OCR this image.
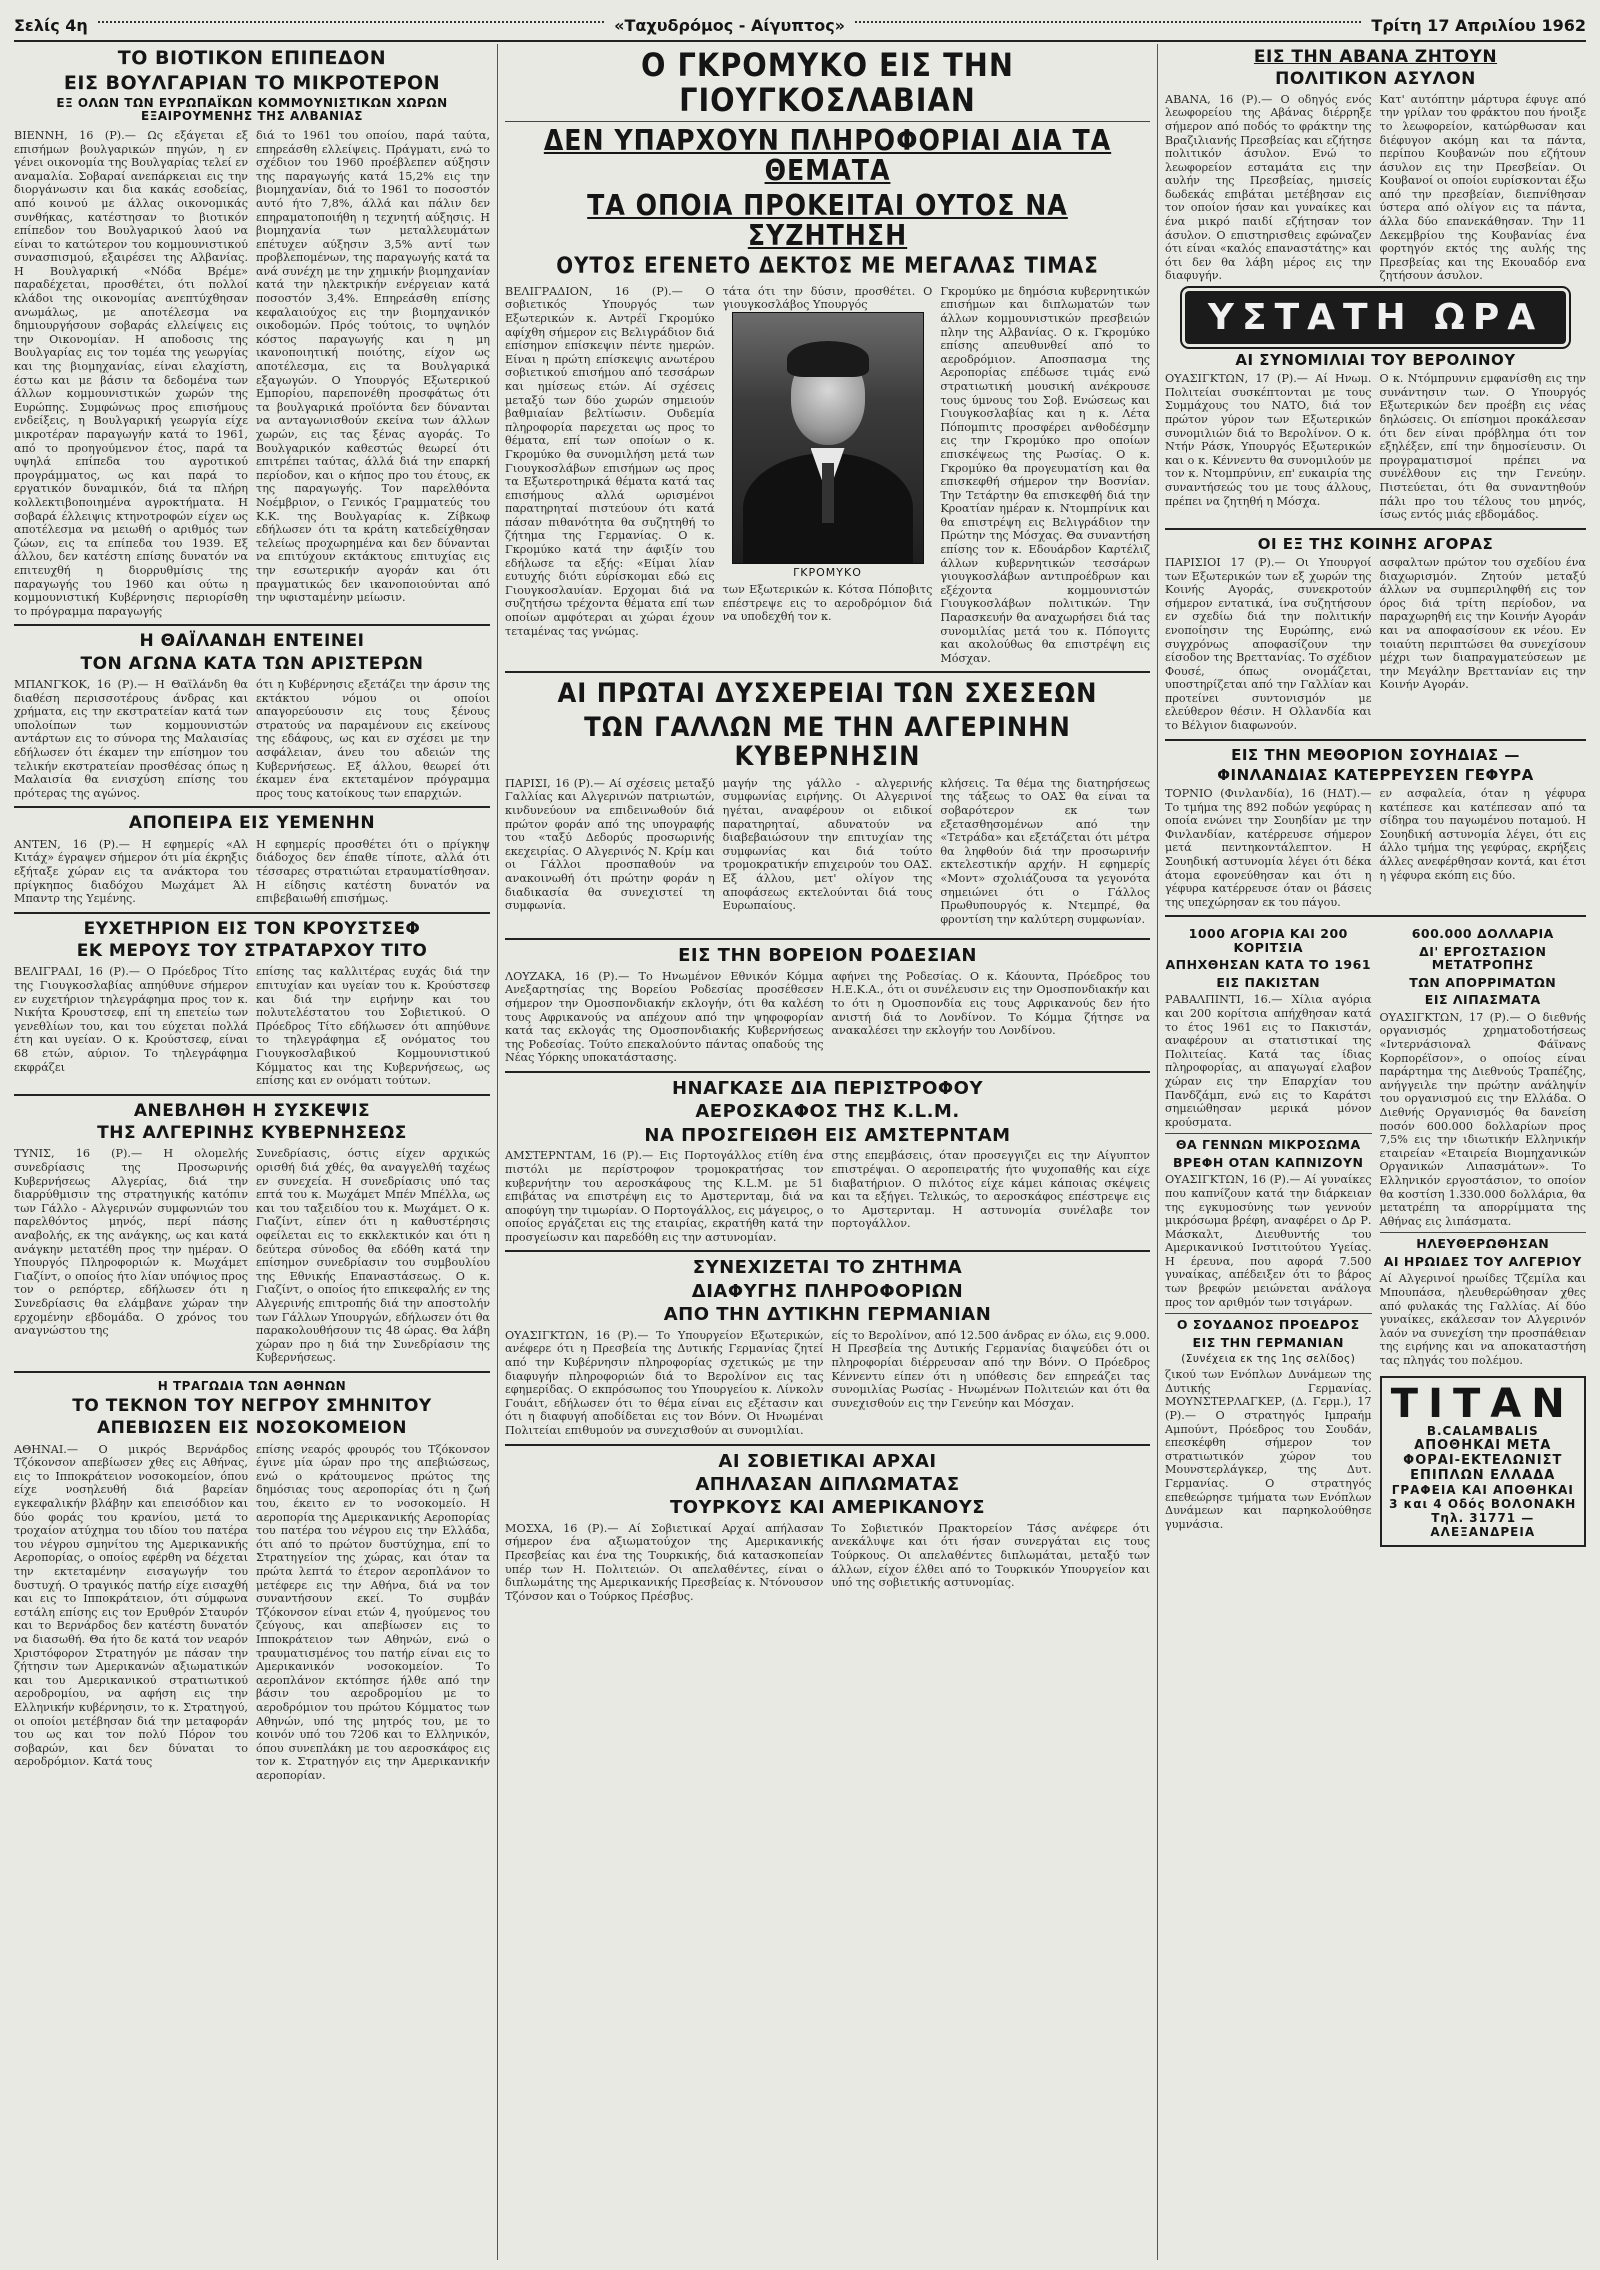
Σελίς 4η	«Ταχυδρόμος - Αίγυπτος»	Τρίτη 17 Απριλίου 1962
ΤΟ ΒΙΟΤΙΚΟΝ ΕΠΙΠΕΔΟΝ
ΕΙΣ ΒΟΥΛΓΑΡΙΑΝ ΤΟ ΜΙΚΡΟΤΕΡΟΝ
ΕΞ ΟΛΩΝ ΤΩΝ ΕΥΡΩΠΑΪΚΩΝ ΚΟΜΜΟΥΝΙΣΤΙΚΩΝ ΧΩΡΩΝ ΕΞΑΙΡΟΥΜΕΝΗΣ ΤΗΣ ΑΛΒΑΝΙΑΣ

ΒΙΕΝΝΗ, 16 (Ρ).— Ως εξάγεται εξ επισήμων βουλγαρικών πηγών, η εν γένει οικονομία της Βουλγαρίας τελεί εν αναμαλία. Σοβαραί ανεπάρκειαι εις την διοργάνωσιν και δια κακάς εσοδείας, από κοινού με άλλας οικονομικάς συνθήκας, κατέστησαν το βιοτικόν επίπεδον του Βουλγαρικού λαού να είναι το κατώτερον του κομμουνιστικού συνασπισμού, εξαιρέσει της Αλβανίας. Η Βουλγαρική «Νόδα Βρέμε» παραδέχεται, προσθέτει, ότι πολλοί κλάδοι της οικονομίας ανεπτύχθησαν ανωμάλως, με αποτέλεσμα να δημιουργήσουν σοβαράς ελλείψεις εις την Οικονομίαν. Η αποδοσις της Βουλγαρίας εις τον τομέα της γεωργίας και της βιομηχανίας, είναι ελαχίστη, έστω και με βάσιν τα δεδομένα των άλλων κομμουνιστικών χωρών της Ευρώπης. Συμφώνως προς επισήμους ενδείξεις, η Βουλγαρική γεωργία είχε μικροτέραν παραγωγήν κατά το 1961, από το προηγούμενον έτος, παρά τα υψηλά επίπεδα του αγροτικού προγράμματος, ως και παρά το εργατικόν δυναμικόν, διά τα πλήρη κολλεκτιβοποιημένα αγροκτήματα. Η σοβαρά έλλειψις κτηνοτροφών είχεν ως αποτέλεσμα να μειωθή ο αριθμός των ζώων, εις τα επίπεδα του 1939. Εξ άλλου, δεν κατέστη επίσης δυνατόν να επιτευχθή η διορρυθμίσις της παραγωγής του 1960 και ούτω η κομμουνιστική Κυβέρνησις περιορίσθη το πρόγραμμα παραγωγής

διά το 1961 του οποίου, παρά ταύτα, επηρεάσθη ελλείψεις. Πράγματι, ενώ το σχέδιον του 1960 προέβλεπεν αύξησιν της παραγωγής κατά 15,2% εις την βιομηχανίαν, διά το 1961 το ποσοστόν αυτό ήτο 7,8%, άλλά και πάλιν δεν επηραματοποιήθη η τεχνητή αύξησις. Η βιομηχανία των μεταλλευμάτων επέτυχεν αύξησιν 3,5% αντί των προβλεπομένων, της παραγωγής κατά τα ανά συνέχη με την χημικήν βιομηχανίαν κατά την ηλεκτρικήν ενέργειαν κατά ποσοστόν 3,4%. Επηρεάσθη επίσης κεφαλαιούχος εις την βιομηχανικόν οικοδομών. Πρός τούτοις, το υψηλόν κόστος παραγωγής και η μη ικανοποιητική ποιότης, είχον ως αποτέλεσμα, εις τα Βουλγαρικά εξαγωγών. Ο Υπουργός Εξωτερικού Εμπορίου, παρεπονέθη προσφάτως ότι τα βουλγαρικά προϊόντα δεν δύνανται να ανταγωνισθούν εκείνα των άλλων χωρών, εις τας ξένας αγοράς. Το Βουλγαρικόν καθεστώς θεωρεί ότι επιτρέπει ταύτας, άλλά διά την επαρκή περίοδον, και ο κήπος προ του έτους, εκ της παραγωγής. Τον παρελθόντα Νοέμβριον, ο Γενικός Γραμματεύς του Κ.Κ. της Βουλγαρίας κ. Ζίβκωφ εδήλωσεν ότι τα κράτη κατεδείχθησαν τελείως προχωρημένα και δεν δύνανται να επιτύχουν εκτάκτους επιτυχίας εις την εσωτερικήν αγοράν και ότι πραγματικώς δεν ικανοποιούνται από την υφισταμένην μείωσιν.

Η ΘΑΪΛΑΝΔΗ ΕΝΤΕΙΝΕΙ
ΤΟΝ ΑΓΩΝΑ ΚΑΤΑ ΤΩΝ ΑΡΙΣΤΕΡΩΝ

ΜΠΑΝΓΚΟΚ, 16 (Ρ).— Η Θαϊλάνδη θα διαθέση περισσοτέρους άνδρας και χρήματα, εις την εκστρατείαν κατά των υπολοίπων των κομμουνιστών αντάρτων εις το σύνορα της Μαλαισίας εδήλωσεν ότι έκαμεν την επίσημον του τελικήν εκστρατείαν προσθέσας όπως η Μαλαισία θα ενισχύση επίσης του πρότερας της αγώνος.

ότι η Κυβέρνησις εξετάζει την άρσιν της εκτάκτου νόμου οι οποίοι απαγορεύουσιν εις τους ξένους στρατούς να παραμένουν εις εκείνους της εδάφους, ως και εν σχέσει με την ασφάλειαν, άνευ του αδειών της Κυβερνήσεως. Εξ άλλου, θεωρεί ότι έκαμεν ένα εκτεταμένον πρόγραμμα προς τους κατοίκους των επαρχιών.

ΑΠΟΠΕΙΡΑ ΕΙΣ ΥΕΜΕΝΗΝ

ΑΝΤΕΝ, 16 (Ρ).— Η εφημερίς «Αλ Κιτάχ» έγραψεν σήμερον ότι μία έκρηξις εξήταξε χώραν εις τα ανάκτορα του πρίγκηπος διαδόχου Μωχάμετ Άλ Μπαντρ της Υεμένης.

Η εφημερίς προσθέτει ότι ο πρίγκηψ διάδοχος δεν έπαθε τίποτε, αλλά ότι τέσσαρες στρατιώται ετραυματίσθησαν. Η είδησις κατέστη δυνατόν να επιβεβαιωθή επισήμως.

ΕΥΧΕΤΗΡΙΟΝ ΕΙΣ ΤΟΝ ΚΡΟΥΣΤΣΕΦ
ΕΚ ΜΕΡΟΥΣ ΤΟΥ ΣΤΡΑΤΑΡΧΟΥ ΤΙΤΟ

ΒΕΛΙΓΡΑΔΙ, 16 (Ρ).— Ο Πρόεδρος Τίτο της Γιουγκοσλαβίας απηύθυνε σήμερον εν ευχετήριον τηλεγράφημα προς τον κ. Νικήτα Κρουστσεφ, επί τη επετείω των γενεθλίων του, και του εύχεται πολλά έτη και υγείαν. Ο κ. Κρούστσεφ, είναι 68 ετών, αύριον. Το τηλεγράφημα εκφράζει

επίσης τας καλλιτέρας ευχάς διά την επιτυχίαν και υγείαν του κ. Κρούστσεφ και διά την ειρήνην και του πολυτελέστατου του Σοβιετικού. Ο Πρόεδρος Τίτο εδήλωσεν ότι απηύθυνε το τηλεγράφημα εξ ονόματος του Γιουγκοσλαβικού Κομμουνιστικού Κόμματος και της Κυβερνήσεως, ως επίσης και εν ονόματι τούτων.

ΑΝΕΒΛΗΘΗ Η ΣΥΣΚΕΨΙΣ
ΤΗΣ ΑΛΓΕΡΙΝΗΣ ΚΥΒΕΡΝΗΣΕΩΣ

ΤΥΝΙΣ, 16 (Ρ).— Η ολομελής συνεδρίασις της Προσωρινής Κυβερνήσεως Αλγερίας, διά την διαρρύθμισιν της στρατηγικής κατόπιν των Γάλλο - Αλγερινών συμφωνιών του παρελθόντος μηνός, περί πάσης αναβολής, εκ της ανάγκης, ως και κατά ανάγκην μετατέθη προς την ημέραν. Ο Υπουργός Πληροφοριών κ. Μωχάμετ Γιαζίντ, ο οποίος ήτο λίαν υπόψιος προς τον ο ρεπόρτερ, εδήλωσεν ότι η Συνεδρίασις θα ελάμβανε χώραν την ερχομένην εβδομάδα. Ο χρόνος του αναγνώστου της

Συνεδρίασις, όστις είχεν αρχικώς ορισθή διά χθές, θα αναγγελθή ταχέως εν συνεχεία. Η συνεδρίασις υπό τας επτά του κ. Μωχάμετ Μπέν Μπέλλα, ως και του ταξειδίου του κ. Μωχάμετ. Ο κ. Γιαζίντ, είπεν ότι η καθυστέρησις οφείλεται εις το εκκλεκτικόν και ότι η δεύτερα σύνοδος θα εδόθη κατά την επίσημον συνεδρίασιν του συμβουλίου της Εθνικής Επαναστάσεως. Ο κ. Γιαζίντ, ο οποίος ήτο επικεφαλής εν της Αλγερινής επιτροπής διά την αποστολήν των Γάλλων Υπουργών, εδήλωσεν ότι θα παρακολουθήσουν τις 48 ώρας. Θα λάβη χώραν προ η διά την Συνεδρίασιν της Κυβερνήσεως.

Η ΤΡΑΓΩΔΙΑ ΤΩΝ ΑΘΗΝΩΝ
ΤΟ ΤΕΚΝΟΝ ΤΟΥ ΝΕΓΡΟΥ ΣΜΗΝΙΤΟΥ
ΑΠΕΒΙΩΣΕΝ ΕΙΣ ΝΟΣΟΚΟΜΕΙΟΝ

ΑΘΗΝΑΙ.— Ο μικρός Βερνάρδος Τζόκονσον απεβίωσεν χθες εις Αθήνας, εις το Ιπποκράτειον νοσοκομείον, όπου είχε νοσηλευθή διά βαρείαν εγκεφαλικήν βλάβην και επεισόδιον και δύο φοράς του κρανίου, μετά το τροχαίον ατύχημα του ιδίου του πατέρα του νέγρου σμηνίτου της Αμερικανικής Αεροπορίας, ο οποίος εφέρθη να δέχεται την εκτεταμένην εισαγωγήν του δυστυχή. Ο τραγικός πατήρ είχε εισαχθή και εις το Ιπποκράτειον, ότι σύμφωνα εστάλη επίσης εις τον Ερυθρόν Σταυρόν και το Βερνάρδος δεν κατέστη δυνατόν να διασωθή. Θα ήτο δε κατά τον νεαρόν Χριστόφορον Στρατηγόν με πάσαν την ζήτησιν των Αμερικανών αξιωματικών και του Αμερικανικού στρατιωτικού αεροδρομίου, να αφήση εις την Ελληνικήν κυβέρνησιν, το κ. Στρατηγού, οι οποίοι μετέβησαν διά την μεταφοράν του ως και τον πολύ Πόρον του σοβαρών, και δεν δύναται το αεροδρόμιον. Κατά τους

επίσης νεαρός φρουρός του Τζόκονσον έγινε μία ώραν προ της απεβιώσεως, ενώ ο κράτουμενος πρώτος της δημόσιας τους αεροπορίας ότι η ζωή του, έκειτο εν το νοσοκομείο. Η αεροπορία της Αμερικανικής Αεροπορίας του πατέρα του νέγρου εις την Ελλάδα, ότι από το πρώτον δυστύχημα, επί το Στρατηγείον της χώρας, και όταν τα πρώτα λεπτά το έτερον αεροπλάνον το μετέφερε εις την Αθήνα, διά να τον συναντήσουν εκεί. Το συμβάν Τζόκονσον είναι ετών 4, ηγούμενος του ζεύγους, και απεβίωσεν εις το Ιπποκράτειον των Αθηνών, ενώ ο τραυματισμένος του πατήρ είναι εις το Αμερικανικόν νοσοκομείον. Το αεροπλάνον εκτόπησε ήλθε από την βάσιν του αεροδρομίου με το αεροδρόμιον του πρώτου Κόμματος των Αθηνών, υπό της μητρός του, με το κοινόν υπό του 7206 και το Ελληνικόν, όπου συνεπλάκη με του αεροσκάφος εις τον κ. Στρατηγόν εις την Αμερικανικήν αεροπορίαν.

Ο ΓΚΡΟΜΥΚΟ ΕΙΣ ΤΗΝ ΓΙΟΥΓΚΟΣΛΑΒΙΑΝ
ΔΕΝ ΥΠΑΡΧΟΥΝ ΠΛΗΡΟΦΟΡΙΑΙ ΔΙΑ ΤΑ ΘΕΜΑΤΑ
ΤΑ ΟΠΟΙΑ ΠΡΟΚΕΙΤΑΙ ΟΥΤΟΣ ΝΑ ΣΥΖΗΤΗΣΗ
ΟΥΤΟΣ ΕΓΕΝΕΤΟ ΔΕΚΤΟΣ ΜΕ ΜΕΓΑΛΑΣ ΤΙΜΑΣ

ΒΕΛΙΓΡΑΔΙΟΝ, 16 (Ρ).— Ο σοβιετικός Υπουργός των Εξωτερικών κ. Αντρέϊ Γκρομύκο αφίχθη σήμερον εις Βελιγράδιον διά επίσημον επίσκεψιν πέντε ημερών. Είναι η πρώτη επίσκεψις ανωτέρου σοβιετικού επισήμου από τεσσάρων και ημίσεως ετών. Αί σχέσεις μεταξύ των δύο χωρών σημειούν βαθμιαίαν βελτίωσιν. Ουδεμία πληροφορία παρεχεται ως προς το θέματα, επί των οποίων ο κ. Γκρομύκο θα συνομιλήση μετά των Γιουγκοσλάβων επισήμων ως προς τα Εξωτεροτηρικά θέματα κατά τας επισήμους αλλά ωρισμένοι παρατηρηταί πιστεύουν ότι κατά πάσαν πιθανότητα θα συζητηθή το ζήτημα της Γερμανίας. Ο κ. Γκρομύκο κατά την άφιξίν του εδήλωσε τα εξής: «Είμαι λίαν ευτυχής διότι εύρίσκομαι εδώ εις Γιουγκοσλαυίαν. Ερχομαι διά να συζητήσω τρέχοντα θέματα επί των οποίων αμφότεραι αι χώραι έχουν τεταμένας τας γνώμας.

τάτα ότι την δύσιν, προσθέτει. Ο γιουγκοσλάβος Υπουργός

ΓΚΡΟΜΥΚΟ

των Εξωτερικών κ. Κότσα Πόποβιτς επέστρεψε εις το αεροδρόμιον διά να υποδεχθή τον κ.

Γκρομύκο με δημόσια κυβερνητικών επισήμων και διπλωματών των άλλων κομμουνιστικών πρεσβειών πλην της Αλβανίας. Ο κ. Γκρομύκο επίσης απευθυνθεί από το αεροδρόμιον. Αποσπασμα της Αεροπορίας επέδωσε τιμάς ενώ στρατιωτική μουσική ανέκρουσε τους ύμνους του Σοβ. Ενώσεως και Γιουγκοσλαβίας και η κ. Λέτα Πόπομπιτς προσφέρει ανθοδέσμην εις την Γκρομύκο προ οποίων επισκέψεως της Ρωσίας. Ο κ. Γκρομύκο θα προγευματίση και θα επισκεφθή σήμερον την Βοσνίαν. Την Τετάρτην θα επισκεφθή διά την Κροατίαν ημέραν κ. Ντομπρίνικ και θα επιστρέψη εις Βελιγράδιον την Πρώτην της Μόσχας. Θα συναντήση επίσης τον κ. Εδουάρδον Καρτέλιζ άλλων κυβερνητικών τεσσάρων γιουγκοσλάβων αντιπροέδρων και εξέχοντα κομμουνιστών Γιουγκοσλάβων πολιτικών. Την Παρασκευήν θα αναχωρήσει διά τας συνομιλίας μετά του κ. Πόπογιτς και ακολούθως θα επιστρέψη εις Μόσχαν.

ΑΙ ΠΡΩΤΑΙ ΔΥΣΧΕΡΕΙΑΙ ΤΩΝ ΣΧΕΣΕΩΝ
ΤΩΝ ΓΑΛΛΩΝ ΜΕ ΤΗΝ ΑΛΓΕΡΙΝΗΝ ΚΥΒΕΡΝΗΣΙΝ

ΠΑΡΙΣΙ, 16 (Ρ).— Αί σχέσεις μεταξύ Γαλλίας και Αλγερινών πατριωτών, κινδυνεύουν να επιδεινωθούν διά πρώτον φοράν από της υπογραφής του «ταξύ Δεδορύς προσωρινής εκεχειρίας. Ο Αλγερινός Ν. Κρίμ και οι Γάλλοι προσπαθούν να ανακοινωθή ότι πρώτην φοράν η διαδικασία θα συνεχιστεί τη συμφωνία.

μαγήν της γάλλο - αλγερινής συμφωνίας ειρήνης. Οι Αλγερινοί ηγέται, αναφέρουν οι ειδικοί παρατηρηταί, αδυνατούν να διαβεβαιώσουν την επιτυχίαν της συμφωνίας και διά τούτο τρομοκρατικήν επιχειρούν του ΟΑΣ. Εξ άλλου, μετ' ολίγον της αποφάσεως εκτελούνται διά τους Ευρωπαίους.

κλήσεις. Τα θέμα της διατηρήσεως της τάξεως το ΟΑΣ θα είναι τα σοβαρότερον εκ των εξετασθησομένων από την «Τετράδα» και εξετάζεται ότι μέτρα θα ληφθούν διά την προσωρινήν εκτελεστικήν αρχήν. Η εφημερίς «Μοντ» σχολιάζουσα τα γεγονότα σημειώνει ότι ο Γάλλος Πρωθυπουργός κ. Ντεμπρέ, θα φροντίση την καλύτερη συμφωνίαν.

ΕΙΣ ΤΗΝ ΒΟΡΕΙΟΝ ΡΟΔΕΣΙΑΝ

ΛΟΥΖΑΚΑ, 16 (Ρ).— Το Ηνωμένον Εθνικόν Κόμμα Ανεξαρτησίας της Βορείου Ροδεσίας προσέθεσεν σήμερον την Ομοσπονδιακήν εκλογήν, ότι θα καλέση τους Αφρικανούς να απέχουν από την ψηφοφορίαν κατά τας εκλογάς της Ομοσπονδιακής Κυβερνήσεως της Ροδεσίας. Τούτο επεκαλούντο πάντας οπαδούς της Νέας Υόρκης υποκατάστασης.

αφήνει της Ροδεσίας. Ο κ. Κάουντα, Πρόεδρος του Η.Ε.Κ.Α., ότι οι συνέλευσιν εις την Ομοσπονδιακήν και το ότι η Ομοσπονδία εις τους Αφρικανούς δεν ήτο ανιστή διά το Λονδίνον. Το Κόμμα ζήτησε να ανακαλέσει την εκλογήν του Λονδίνου.

ΗΝΑΓΚΑΣΕ ΔΙΑ ΠΕΡΙΣΤΡΟΦΟΥ
ΑΕΡΟΣΚΑΦΟΣ ΤΗΣ K.L.M.
ΝΑ ΠΡΟΣΓΕΙΩΘΗ ΕΙΣ ΑΜΣΤΕΡΝΤΑΜ

ΑΜΣΤΕΡΝΤΑΜ, 16 (Ρ).— Εις Πορτογάλλος ετίθη ένα πιστόλι με περίστροφον τρομοκρατήσας τον κυβερνήτην του αεροσκάφους της K.L.M. με 51 επιβάτας να επιστρέψη εις το Αμστερνταμ, διά να αποφύγη την τιμωρίαν. Ο Πορτογάλλος, εις μάγειρος, ο οποίος εργάζεται εις της εταιρίας, εκρατήθη κατά την προσγείωσιν και παρεδόθη εις την αστυνομίαν.

στης επεμβάσεις, όταν προσεγγιζει εις την Αίγυπτον επιστρέψαι. Ο αεροπειρατής ήτο ψυχοπαθής και είχε διαβατήριον. Ο πιλότος είχε κάμει κάποιας σκέψεις και τα εξήγει. Τελικώς, το αεροσκάφος επέστρεψε εις το Αμστερνταμ. Η αστυνομία συνέλαβε τον πορτογάλλον.

ΣΥΝΕΧΙΖΕΤΑΙ ΤΟ ΖΗΤΗΜΑ
ΔΙΑΦΥΓΗΣ ΠΛΗΡΟΦΟΡΙΩΝ
ΑΠΟ ΤΗΝ ΔΥΤΙΚΗΝ ΓΕΡΜΑΝΙΑΝ

ΟΥΑΣΙΓΚΤΩΝ, 16 (Ρ).— Το Υπουργείον Εξωτερικών, ανέφερε ότι η Πρεσβεία της Δυτικής Γερμανίας ζητεί από την Κυβέρνησιν πληροφορίας σχετικώς με την διαφυγήν πληροφοριών διά το Βερολίνον εις τας εφημερίδας. Ο εκπρόσωπος του Υπουργείου κ. Λίνκολν Γουάιτ, εδήλωσεν ότι το θέμα είναι εις εξέτασιν και ότι η διαφυγή αποδίδεται εις τον Βόνν. Οι Ηνωμέναι Πολιτείαι επιθυμούν να συνεχισθούν αι συνομιλίαι.

είς το Βερολίνον, από 12.500 άνδρας εν όλω, εις 9.000. Η Πρεσβεία της Δυτικής Γερμανίας διαψεύδει ότι οι πληροφορίαι διέρρευσαν από την Βόνν. Ο Πρόεδρος Κέννεντυ είπεν ότι η υπόθεσις δεν επηρεάζει τας συνομιλίας Ρωσίας - Ηνωμένων Πολιτειών και ότι θα συνεχισθούν εις την Γενεύην και Μόσχαν.

ΑΙ ΣΟΒΙΕΤΙΚΑΙ ΑΡΧΑΙ
ΑΠΗΛΑΣΑΝ ΔΙΠΛΩΜΑΤΑΣ
ΤΟΥΡΚΟΥΣ ΚΑΙ ΑΜΕΡΙΚΑΝΟΥΣ

ΜΟΣΧΑ, 16 (Ρ).— Αί Σοβιετικαί Αρχαί απήλασαν σήμερον ένα αξιωματούχον της Αμερικανικής Πρεσβείας και ένα της Τουρκικής, διά κατασκοπείαν υπέρ των Η. Πολιτειών. Οι απελαθέντες, είναι ο διπλωμάτης της Αμερικανικής Πρεσβείας κ. Ντόνουσον Τζόνσον και ο Τούρκος Πρέσβυς.

Το Σοβιετικόν Πρακτορείον Τάσς ανέφερε ότι ανεκάλυψε και ότι ήσαν συνεργάται εις τους Τούρκους. Οι απελαθέντες διπλωμάται, μεταξύ των άλλων, είχον έλθει από το Τουρκικόν Υπουργείον και υπό της σοβιετικής αστυνομίας.

ΕΙΣ ΤΗΝ ΑΒΑΝΑ ΖΗΤΟΥΝ
ΠΟΛΙΤΙΚΟΝ ΑΣΥΛΟΝ

ΑΒΑΝΑ, 16 (Ρ).— Ο οδηγός ενός λεωφορείου της Αβάνας διέρρηξε σήμερον από ποδός το φράκτην της Βραζιλιανής Πρεσβείας και εζήτησε πολιτικόν άσυλον. Ενώ το λεωφορείον εσταμάτα εις την αυλήν της Πρεσβείας, ημισείς δωδεκάς επιβάται μετέβησαν εις τον οποίον ήσαν και γυναίκες και ένα μικρό παιδί εζήτησαν τον άσυλον. Ο επιστηρισθεις εφώναζεν ότι είναι «καλός επαναστάτης» και ότι δεν θα λάβη μέρος εις την διαφυγήν.

Κατ' αυτόπτην μάρτυρα έφυγε από την γρίλαν του φράκτου που ήνοιξε το λεωφορείον, κατώρθωσαν και διέφυγον ακόμη και τα πάντα, περίπου Κουβανών που εζήτουν άσυλον εις την Πρεσβείαν. Οι Κουβανοί οι οποίοι ευρίσκονται έξω από την πρεσβείαν, διεπνίθησαν ύστερα από ολίγον εις τα πάντα, άλλα δύο επανεκάθησαν. Την 11 Δεκεμβρίου της Κουβανίας ένα φορτηγόν εκτός της αυλής της Πρεσβείας και της Εκουαδόρ ενα ζητήσουν άσυλον.

ΥΣΤΑΤΗ ΩΡΑ
ΑΙ ΣΥΝΟΜΙΛΙΑΙ ΤΟΥ ΒΕΡΟΛΙΝΟΥ

ΟΥΑΣΙΓΚΤΩΝ, 17 (Ρ).— Αί Ηνωμ. Πολιτείαι συσκέπτονται με τους Συμμάχους του ΝΑΤΟ, διά τον πρώτον γύρον των Εξωτερικών συνομιλιών διά το Βερολίνον. Ο κ. Ντήν Ράσκ, Υπουργός Εξωτερικών και ο κ. Κέννεντυ θα συνομιλούν με τον κ. Ντομπρύνιν, επ' ευκαιρία της συναντήσεώς του με τους άλλους, πρέπει να ζητηθή η Μόσχα.

Ο κ. Ντόμπρυνιν εμφανίσθη εις την συνάντησιν των. Ο Υπουργός Εξωτερικών δεν προέβη εις νέας δηλώσεις. Οι επίσημοι προκάλεσαν ότι δεν είναι πρόβλημα ότι τον εξηλέξεν, επί την δημοσίευσιν. Οι προγραματισμοί πρέπει να συνέλθουν εις την Γενεύην. Πιστεύεται, ότι θα συναντηθούν πάλι προ του τέλους του μηνός, ίσως εντός μιάς εβδομάδος.

ΟΙ ΕΞ ΤΗΣ ΚΟΙΝΗΣ ΑΓΟΡΑΣ

ΠΑΡΙΣΙΟΙ 17 (Ρ).— Οι Υπουργοί των Εξωτερικών των εξ χωρών της Κοινής Αγοράς, συνεκροτούν σήμερον εντατικά, ίνα συζητήσουν εν σχεδίω διά την πολιτικήν ενοποίησιν της Ευρώπης, ενώ συγχρόνως αποφασίζουν την είσοδον της Βρεττανίας. Το σχέδιον Φουσέ, όπως ονομάζεται, υποστηρίζεται από την Γαλλίαν και προτείνει συντονισμόν με ελεύθερον θέσιν. Η Ολλανδία και το Βέλγιον διαφωνούν.

ασφαλτων πρώτον του σχεδίου ένα διαχωρισμόν. Ζητούν μεταξύ άλλων να συμπεριληφθή εις τον όρος διά τρίτη περίοδον, να παραχωρηθή εις την Κοινήν Αγοράν και να αποφασίσουν εκ νέου. Εν τοιαύτη περιπτώσει θα συνεχίσουν μέχρι των διαπραγματεύσεων με την Μεγάλην Βρεττανίαν εις την Κοινήν Αγοράν.

ΕΙΣ ΤΗΝ ΜΕΘΟΡΙΟΝ ΣΟΥΗΔΙΑΣ —
ΦΙΝΛΑΝΔΙΑΣ ΚΑΤΕΡΡΕΥΣΕΝ ΓΕΦΥΡΑ

ΤΟΡΝΙΟ (Φινλανδία), 16 (ΗΔΤ).— Το τμήμα της 892 ποδών γεφύρας η οποία ενώνει την Σουηδίαν με την Φινλανδίαν, κατέρρευσε σήμερον μετά πεντηκοντάλεπτον. Η Σουηδική αστυνομία λέγει ότι δέκα άτομα εφονεύθησαν και ότι η γέφυρα κατέρρευσε όταν οι βάσεις της υπεχώρησαν εκ του πάγου.

εν ασφαλεία, όταν η γέφυρα κατέπεσε και κατέπεσαν από τα σίδηρα του παγωμένου ποταμού. Η Σουηδική αστυνομία λέγει, ότι εις άλλο τμήμα της γεφύρας, εκρήξεις άλλες ανεφέρθησαν κοντά, και έτσι η γέφυρα εκόπη εις δύο.

1000 ΑΓΟΡΙΑ ΚΑΙ 200 ΚΟΡΙΤΣΙΑ
ΑΠΗΧΘΗΣΑΝ ΚΑΤΑ ΤΟ 1961
ΕΙΣ ΠΑΚΙΣΤΑΝ

ΡΑΒΑΛΠΙΝΤΙ, 16.— Χίλια αγόρια και 200 κορίτσια απήχθησαν κατά το έτος 1961 εις το Πακιστάν, αναφέρουν αι στατιστικαί της Πολιτείας. Κατά τας ίδιας πληροφορίας, αι απαγωγαί ελαβον χώραν εις την Επαρχίαν του Πανδζάμπ, ενώ εις το Καράτσι σημειώθησαν μερικά μόνον κρούσματα.

ΘΑ ΓΕΝΝΩΝ ΜΙΚΡΟΣΩΜΑ
ΒΡΕΦΗ ΟΤΑΝ ΚΑΠΝΙΖΟΥΝ

ΟΥΑΣΙΓΚΤΩΝ, 16 (Ρ).— Αί γυναίκες που καπνίζουν κατά την διάρκειαν της εγκυμοσύνης των γεννούν μικρόσωμα βρέφη, αναφέρει ο Δρ Ρ. Μάσκαλτ, Διευθυντής του Αμερικανικού Ινστιτούτου Υγείας. Η έρευνα, που αφορά 7.500 γυναίκας, απέδειξεν ότι το βάρος των βρεφών μειώνεται ανάλογα προς τον αριθμόν των τσιγάρων.

Ο ΣΟΥΔΑΝΟΣ ΠΡΟΕΔΡΟΣ
ΕΙΣ ΤΗΝ ΓΕΡΜΑΝΙΑΝ
(Συνέχεια εκ της 1ης σελίδος)

ζικού των Ενόπλων Δυνάμεων της Δυτικής Γερμανίας. ΜΟΥΝΣΤΕΡΛΑΓΚΕΡ, (Δ. Γερμ.), 17 (Ρ).— Ο στρατηγός Ιμπραήμ Αμπούντ, Πρόεδρος του Σουδάν, επεσκέφθη σήμερον τον στρατιωτικόν χώρον του Μουνστερλάγκερ, της Δυτ. Γερμανίας. Ο στρατηγός επεθεώρησε τμήματα των Ενόπλων Δυνάμεων και παρηκολούθησε γυμνάσια.

600.000 ΔΟΛΛΑΡΙΑ
ΔΙ' ΕΡΓΟΣΤΑΣΙΟΝ ΜΕΤΑΤΡΟΠΗΣ
ΤΩΝ ΑΠΟΡΡΙΜΑΤΩΝ
ΕΙΣ ΛΙΠΑΣΜΑΤΑ

ΟΥΑΣΙΓΚΤΩΝ, 17 (Ρ).— Ο διεθνής οργανισμός χρηματοδοτήσεως «Ιντερνάσιοναλ Φάϊνανς Κορπορέϊσον», ο οποίος είναι παράρτημα της Διεθνούς Τραπέζης, ανήγγειλε την πρώτην ανάληψίν του οργανισμού εις την Ελλάδα. Ο Διεθνής Οργανισμός θα δανείση ποσόν 600.000 δολλαρίων προς 7,5% εις την ιδιωτικήν Ελληνικήν εταιρείαν «Εταιρεία Βιομηχανικών Οργανικών Λιπασμάτων». Το Ελληνικόν εργοστάσιον, το οποίον θα κοστίση 1.330.000 δολλάρια, θα μετατρέπη τα απορρίμματα της Αθήνας εις λιπάσματα.

ΗΛΕΥΘΕΡΩΘΗΣΑΝ
ΑΙ ΗΡΩΙΔΕΣ ΤΟΥ ΑΛΓΕΡΙΟΥ

Αί Αλγερινοί ηρωίδες Τζεμίλα και Μπουπάσα, ηλευθερώθησαν χθες από φυλακάς της Γαλλίας. Αί δύο γυναίκες, εκάλεσαν τον Αλγερινόν λαόν να συνεχίση την προσπάθειαν της ειρήνης και να αποκαταστήση τας πληγάς του πολέμου.

ΤΙΤΑΝ
B.CALAMBALIS
ΑΠΟΘΗΚΑΙ ΜΕΤΑ
ΦΟΡΑΙ-ΕΚΤΕΛΩΝΙΣΤ
ΕΠΙΠΛΩΝ ΕΛΛΑΔΑ
ΓΡΑΦΕΙΑ ΚΑΙ ΑΠΟΘΗΚΑΙ
3 και 4 Οδός ΒΟΛΟΝΑΚΗ
Τηλ. 31771 — ΑΛΕΞΑΝΔΡΕΙΑ
